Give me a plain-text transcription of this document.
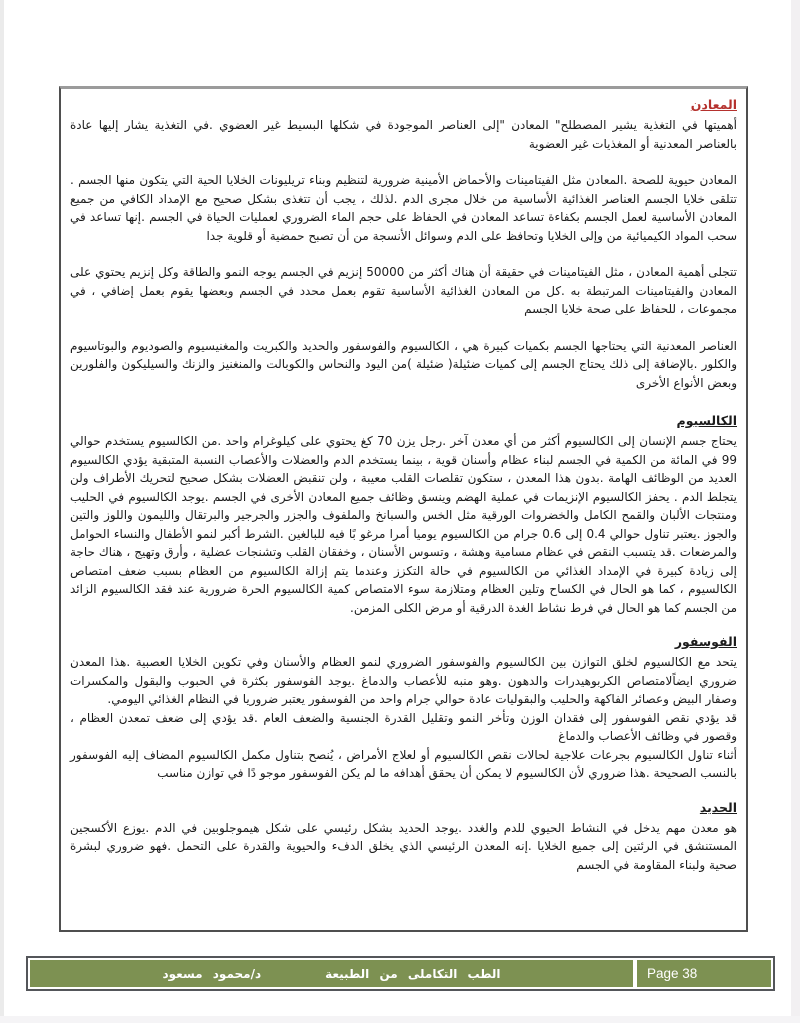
المعادن

أهميتها في التغذية يشير المصطلح" المعادن "إلى العناصر الموجودة في شكلها البسيط غير العضوي .في التغذية يشار إليها عادة بالعناصر المعدنية أو المغذيات غير العضوية

المعادن حيوية للصحة .المعادن مثل الفيتامينات والأحماض الأمينية ضرورية لتنظيم وبناء تريليونات الخلايا الحية التي يتكون منها الجسم . تتلقى خلايا الجسم العناصر الغذائية الأساسية من خلال مجرى الدم .لذلك ، يجب أن تتغذى بشكل صحيح مع الإمداد الكافي من جميع المعادن الأساسية لعمل الجسم بكفاءة تساعد المعادن في الحفاظ على حجم الماء الضروري لعمليات الحياة في الجسم .إنها تساعد في سحب المواد الكيميائية من وإلى الخلايا وتحافظ على الدم وسوائل الأنسجة من أن تصبح حمضية أو قلوية جدا

تتجلى أهمية المعادن ، مثل الفيتامينات في حقيقة أن هناك أكثر من 50000 إنزيم في الجسم يوجه النمو والطاقة وكل إنزيم يحتوي على المعادن والفيتامينات المرتبطة به .كل من المعادن الغذائية الأساسية تقوم بعمل محدد في الجسم وبعضها يقوم بعمل إضافي ، في مجموعات ، للحفاظ على صحة خلايا الجسم

العناصر المعدنية التي يحتاجها الجسم بكميات كبيرة هي ، الكالسيوم والفوسفور والحديد والكبريت والمغنيسيوم والصوديوم والبوتاسيوم والكلور .بالإضافة إلى ذلك يحتاج الجسم إلى كميات ضئيلة( ضئيلة )من اليود والنحاس والكوبالت والمنغنيز والزنك والسيليكون والفلورين وبعض الأنواع الأخرى

الكالسيوم

يحتاج جسم الإنسان إلى الكالسيوم أكثر من أي معدن آخر .رجل يزن 70 كغ يحتوي على كيلوغرام واحد .من الكالسيوم يستخدم حوالي 99 في المائة من الكمية في الجسم لبناء عظام وأسنان قوية ، بينما يستخدم الدم والعضلات والأعصاب النسبة المتبقية يؤدي الكالسيوم العديد من الوظائف الهامة .بدون هذا المعدن ، ستكون تقلصات القلب معيبة ، ولن تنقبض العضلات بشكل صحيح لتحريك الأطراف ولن يتجلط الدم . يحفز الكالسيوم الإنزيمات في عملية الهضم وينسق وظائف جميع المعادن الأخرى في الجسم .يوجد الكالسيوم في الحليب ومنتجات الألبان والقمح الكامل والخضروات الورقية مثل الخس والسبانخ والملفوف والجزر والجرجير والبرتقال والليمون واللوز والتين والجوز .يعتبر تناول حوالي 0.4 إلى 0.6 جرام من الكالسيوم يوميا أمرا مرغو بًا فيه للبالغين .الشرط أكبر لنمو الأطفال والنساء الحوامل والمرضعات .قد يتسبب النقص في عظام مسامية وهشة ، وتسوس الأسنان ، وخفقان القلب وتشنجات عضلية ، وأرق وتهيج ، هناك حاجة إلى زيادة كبيرة في الإمداد الغذائي من الكالسيوم في حالة التكزز وعندما يتم إزالة الكالسيوم من العظام بسبب ضعف امتصاص الكالسيوم ، كما هو الحال في الكساح وتلين العظام ومتلازمة سوء الامتصاص كمية الكالسيوم الحرة ضرورية عند فقد الكالسيوم الزائد من الجسم كما هو الحال في فرط نشاط الغدة الدرقية أو مرض الكلى المزمن.

الفوسفور

يتحد مع الكالسيوم لخلق التوازن بين الكالسيوم والفوسفور الضروري لنمو العظام والأسنان وفي تكوين الخلايا العصبية .هذا المعدن ضروري ايضاًلامتصاص الكربوهيدرات والدهون .وهو منبه للأعصاب والدماغ .يوجد الفوسفور بكثرة في الحبوب والبقول والمكسرات وصفار البيض وعصائر الفاكهة والحليب والبقوليات عادة حوالي جرام واحد من الفوسفور يعتبر ضروريا في النظام الغذائي اليومي.

قد يؤدي نقص الفوسفور إلى فقدان الوزن وتأخر النمو وتقليل القدرة الجنسية والضعف العام .قد يؤدي إلى ضعف تمعدن العظام ، وقصور في وظائف الأعصاب والدماغ

أثناء تناول الكالسيوم بجرعات علاجية لحالات نقص الكالسيوم أو لعلاج الأمراض ، يُنصح بتناول مكمل الكالسيوم المضاف إليه الفوسفور بالنسب الصحيحة .هذا ضروري لأن الكالسيوم لا يمكن أن يحقق أهدافه ما لم يكن الفوسفور موجو دًا في توازن مناسب

الحديد

هو معدن مهم يدخل في النشاط الحيوي للدم والغدد .يوجد الحديد بشكل رئيسي على شكل هيموجلوبين في الدم .يوزع الأكسجين المستنشق في الرئتين إلى جميع الخلايا .إنه المعدن الرئيسي الذي يخلق الدفء والحيوية والقدرة على التحمل .فهو ضروري لبشرة صحية ولبناء المقاومة في الجسم

الطب التكاملى من الطبيعة
د/محمود مسعود	Page 38
